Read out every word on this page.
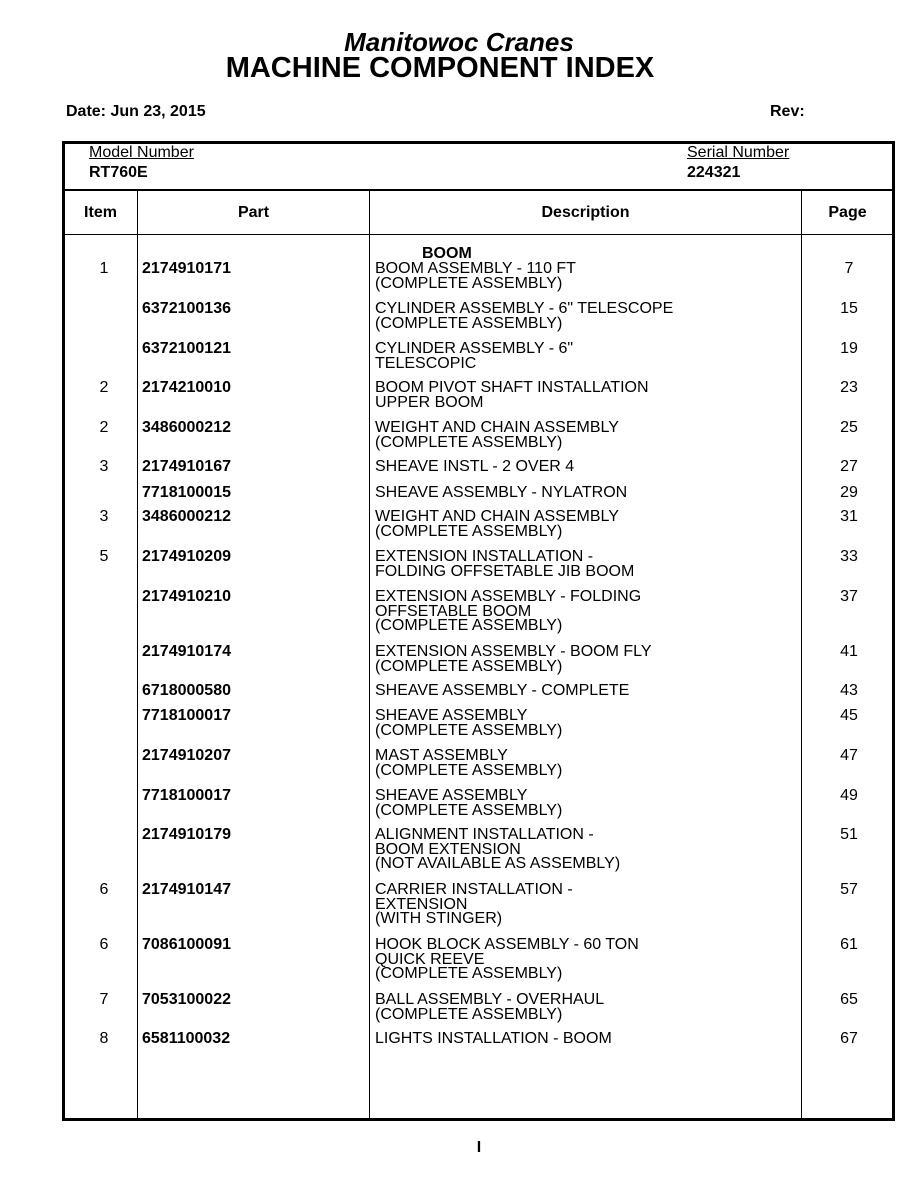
Manitowoc Cranes
MACHINE COMPONENT INDEX
Date: Jun 23, 2015	Rev:
Model Number
RT760E
Serial Number
224321
Item	Part	Description	Page
BOOM
1	2174910171	BOOM ASSEMBLY - 110 FT
(COMPLETE ASSEMBLY)
7
6372100136	CYLINDER ASSEMBLY - 6" TELESCOPE
(COMPLETE ASSEMBLY)
15
6372100121	CYLINDER ASSEMBLY - 6"
TELESCOPIC
19
2	2174210010	BOOM PIVOT SHAFT INSTALLATION
UPPER BOOM
23
2	3486000212	WEIGHT AND CHAIN ASSEMBLY
(COMPLETE ASSEMBLY)
25
3	2174910167	SHEAVE INSTL - 2 OVER 4	27
7718100015	SHEAVE ASSEMBLY - NYLATRON	29
3	3486000212	WEIGHT AND CHAIN ASSEMBLY
(COMPLETE ASSEMBLY)
31
5	2174910209	EXTENSION INSTALLATION -
FOLDING OFFSETABLE JIB BOOM
33
2174910210	EXTENSION ASSEMBLY - FOLDING
OFFSETABLE BOOM
(COMPLETE ASSEMBLY)
37
2174910174	EXTENSION ASSEMBLY - BOOM FLY
(COMPLETE ASSEMBLY)
41
6718000580	SHEAVE ASSEMBLY - COMPLETE	43
7718100017	SHEAVE ASSEMBLY
(COMPLETE ASSEMBLY)
45
2174910207	MAST ASSEMBLY
(COMPLETE ASSEMBLY)
47
7718100017	SHEAVE ASSEMBLY
(COMPLETE ASSEMBLY)
49
2174910179	ALIGNMENT INSTALLATION -
BOOM EXTENSION
(NOT AVAILABLE AS ASSEMBLY)
51
6	2174910147	CARRIER INSTALLATION -
EXTENSION
(WITH STINGER)
57
6	7086100091	HOOK BLOCK ASSEMBLY - 60 TON
QUICK REEVE
(COMPLETE ASSEMBLY)
61
7	7053100022	BALL ASSEMBLY - OVERHAUL
(COMPLETE ASSEMBLY)
65
8	6581100032	LIGHTS INSTALLATION - BOOM	67
I
